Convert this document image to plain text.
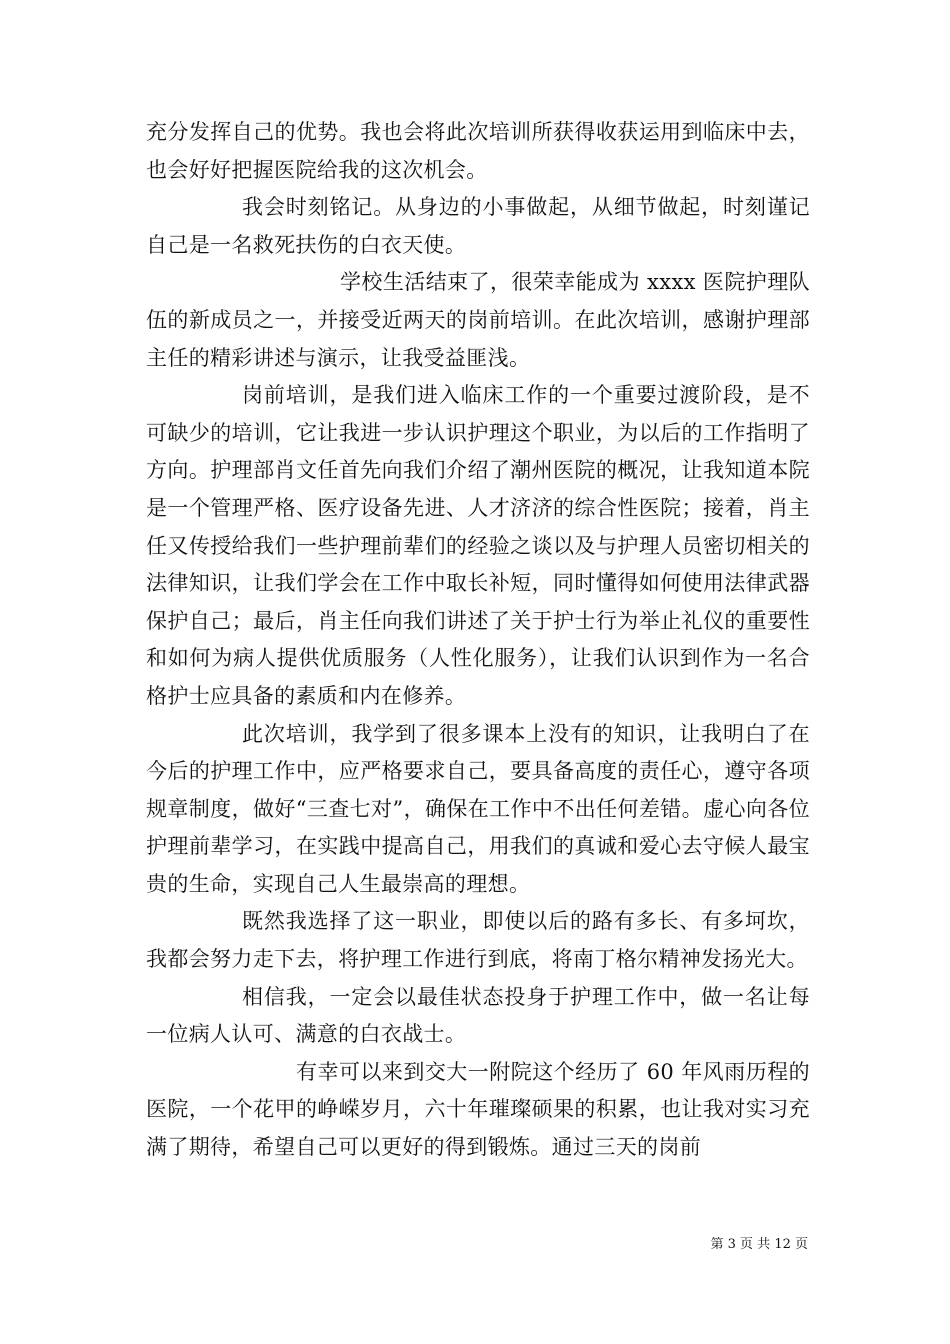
充分发挥自己的优势。我也会将此次培训所获得收获运用到临床中去，也会好好把握医院给我的这次机会。

我会时刻铭记。从身边的小事做起，从细节做起，时刻谨记自己是一名救死扶伤的白衣天使。

学校生活结束了，很荣幸能成为 xxxx 医院护理队伍的新成员之一，并接受近两天的岗前培训。在此次培训，感谢护理部主任的精彩讲述与演示，让我受益匪浅。

岗前培训，是我们进入临床工作的一个重要过渡阶段，是不可缺少的培训，它让我进一步认识护理这个职业，为以后的工作指明了方向。护理部肖文任首先向我们介绍了潮州医院的概况，让我知道本院是一个管理严格、医疗设备先进、人才济济的综合性医院；接着，肖主任又传授给我们一些护理前辈们的经验之谈以及与护理人员密切相关的法律知识，让我们学会在工作中取长补短，同时懂得如何使用法律武器保护自己；最后，肖主任向我们讲述了关于护士行为举止礼仪的重要性和如何为病人提供优质服务（人性化服务），让我们认识到作为一名合格护士应具备的素质和内在修养。

此次培训，我学到了很多课本上没有的知识，让我明白了在今后的护理工作中，应严格要求自己，要具备高度的责任心，遵守各项规章制度，做好“三查七对”，确保在工作中不出任何差错。虚心向各位护理前辈学习，在实践中提高自己，用我们的真诚和爱心去守候人最宝贵的生命，实现自己人生最崇高的理想。

既然我选择了这一职业，即使以后的路有多长、有多坷坎，我都会努力走下去，将护理工作进行到底，将南丁格尔精神发扬光大。

相信我，一定会以最佳状态投身于护理工作中，做一名让每一位病人认可、满意的白衣战士。

有幸可以来到交大一附院这个经历了 60 年风雨历程的医院，一个花甲的峥嵘岁月，六十年璀璨硕果的积累，也让我对实习充满了期待，希望自己可以更好的得到锻炼。通过三天的岗前

第 3 页 共 12 页
